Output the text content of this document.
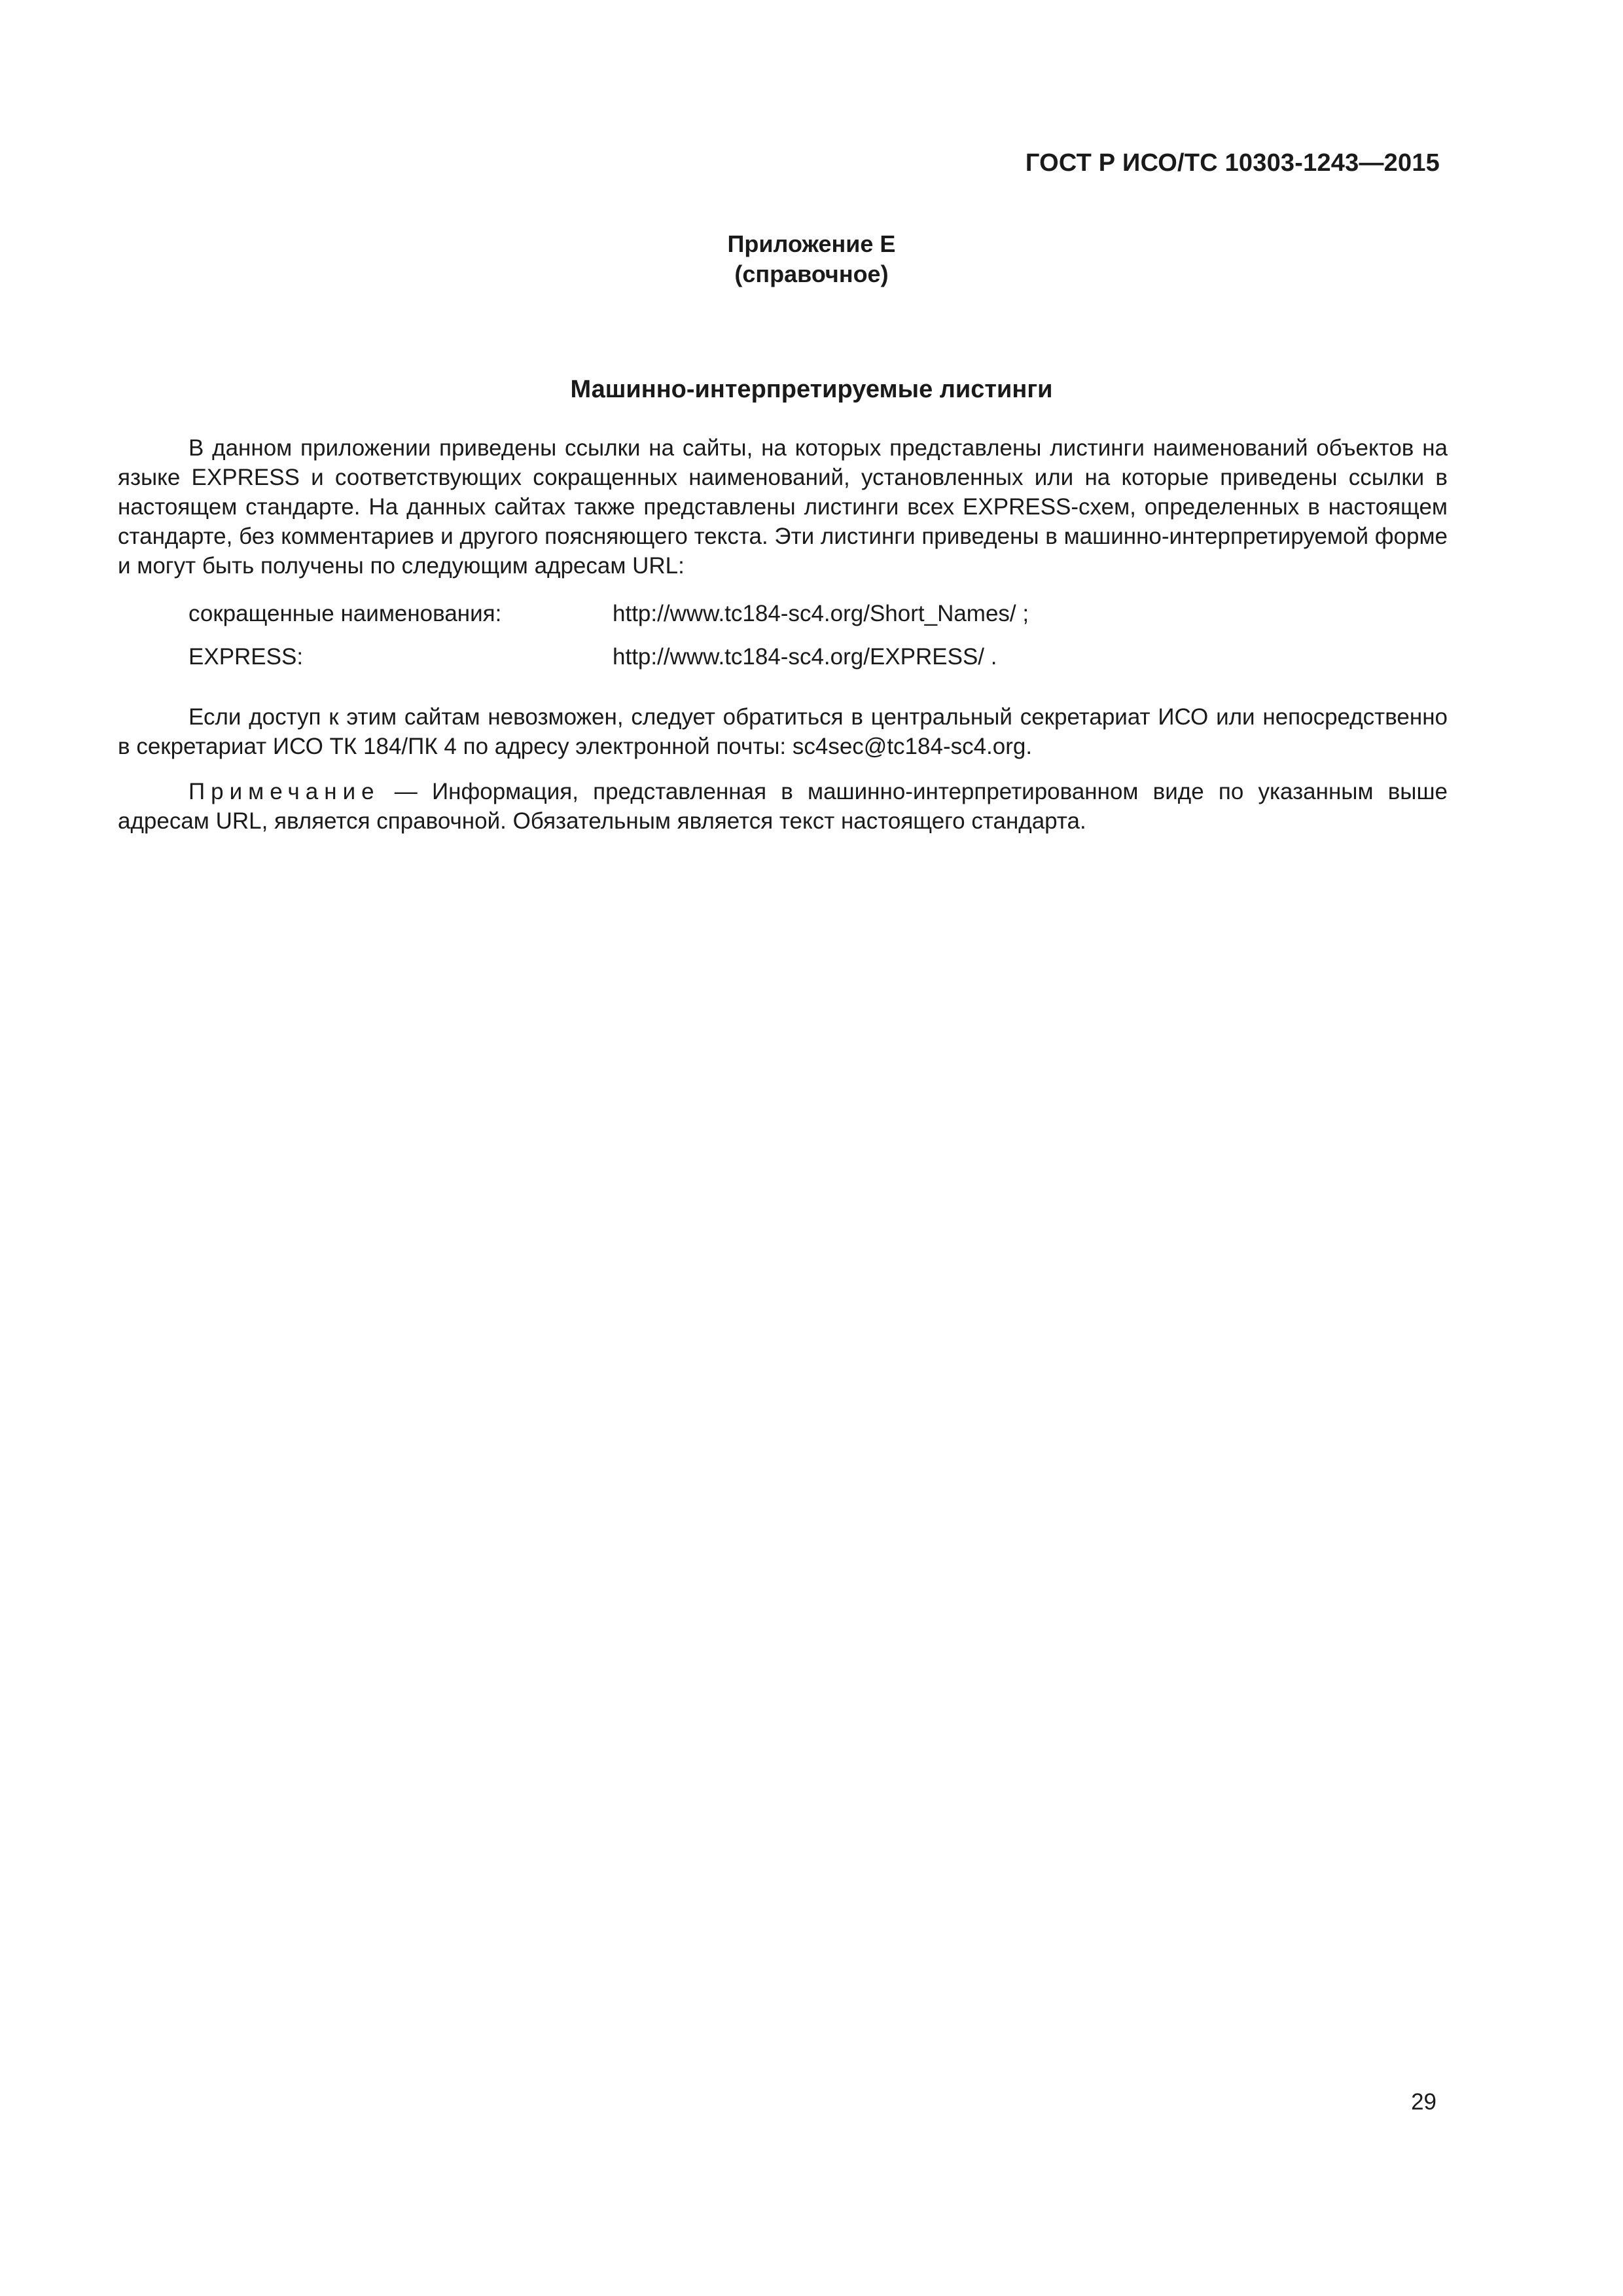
ГОСТ Р ИСО/ТС 10303-1243—2015
Приложение Е
(справочное)
Машинно-интерпретируемые листинги

В данном приложении приведены ссылки на сайты, на которых представлены листинги наименований объектов на языке EXPRESS и соответствующих сокращенных наименований, установленных или на которые приведены ссылки в настоящем стандарте. На данных сайтах также представлены листинги всех EXPRESS-схем, определенных в настоящем стандарте, без комментариев и другого поясняющего текста. Эти листинги приведены в машинно-интерпретируемой форме и могут быть получены по следующим адресам URL:

сокращенные наименования:	http://www.tc184-sc4.org/Short_Names/ ;
EXPRESS:	http://www.tc184-sc4.org/EXPRESS/ .

Если доступ к этим сайтам невозможен, следует обратиться в центральный секретариат ИСО или непосредственно в секретариат ИСО ТК 184/ПК 4 по адресу электронной почты: sc4sec@tc184-sc4.org.

Примечание — Информация, представленная в машинно-интерпретированном виде по указанным выше адресам URL, является справочной. Обязательным является текст настоящего стандарта.

29
